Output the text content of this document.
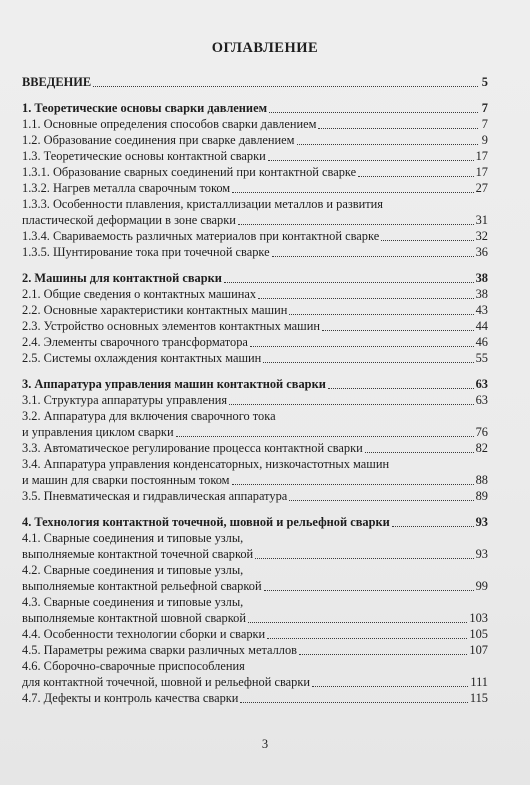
ОГЛАВЛЕНИЕ
ВВЕДЕНИЕ	5
1. Теоретические основы сварки давлением	7
1.1. Основные определения способов сварки давлением	7
1.2. Образование соединения при сварке давлением	9
1.3. Теоретические основы контактной сварки	17
1.3.1. Образование сварных соединений при контактной сварке	17
1.3.2. Нагрев металла сварочным током	27
1.3.3. Особенности плавления, кристаллизации металлов и развития
пластической деформации в зоне сварки	31
1.3.4. Свариваемость различных материалов при контактной сварке	32
1.3.5. Шунтирование тока при точечной сварке	36
2. Машины для контактной сварки	38
2.1. Общие сведения о контактных машинах	38
2.2. Основные характеристики контактных машин	43
2.3. Устройство основных элементов контактных машин	44
2.4. Элементы сварочного трансформатора	46
2.5. Системы охлаждения контактных машин	55
3. Аппаратура управления машин контактной сварки	63
3.1. Структура аппаратуры управления	63
3.2. Аппаратура для включения сварочного тока
и управления циклом сварки	76
3.3. Автоматическое регулирование процесса контактной сварки	82
3.4. Аппаратура управления конденсаторных, низкочастотных машин
и машин для сварки постоянным током	88
3.5. Пневматическая и гидравлическая аппаратура	89
4. Технология контактной точечной, шовной и рельефной сварки	93
4.1. Сварные соединения и типовые узлы,
выполняемые контактной точечной сваркой	93
4.2. Сварные соединения и типовые узлы,
выполняемые контактной рельефной сваркой	99
4.3. Сварные соединения и типовые узлы,
выполняемые контактной шовной сваркой	103
4.4. Особенности технологии сборки и сварки	105
4.5. Параметры режима сварки различных металлов	107
4.6. Сборочно-сварочные приспособления
для контактной точечной, шовной и рельефной сварки	111
4.7. Дефекты и контроль качества сварки	115
3
